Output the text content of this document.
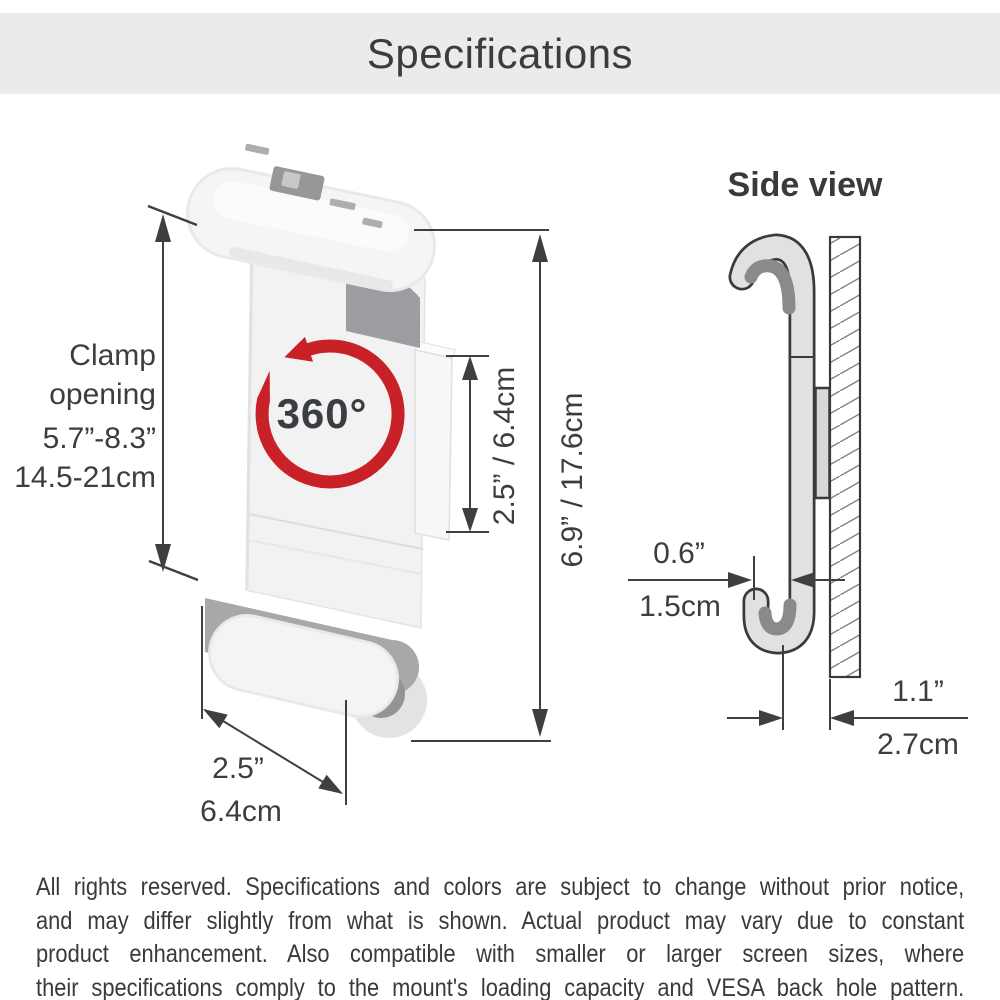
Specifications
Clamp
opening
5.7”-8.3”
14.5-21cm
360°	2.5” / 6.4cm 6.9” / 17.6cm
2.5”
6.4cm
Side view
0.6”
1.5cm
1.1”
2.7cm
All rights reserved. Specifications and colors are subject to change without prior notice,
and may differ slightly from what is shown. Actual product may vary due to constant
product enhancement. Also compatible with smaller or larger screen sizes, where
their specifications comply to the mount's loading capacity and VESA back hole pattern.
